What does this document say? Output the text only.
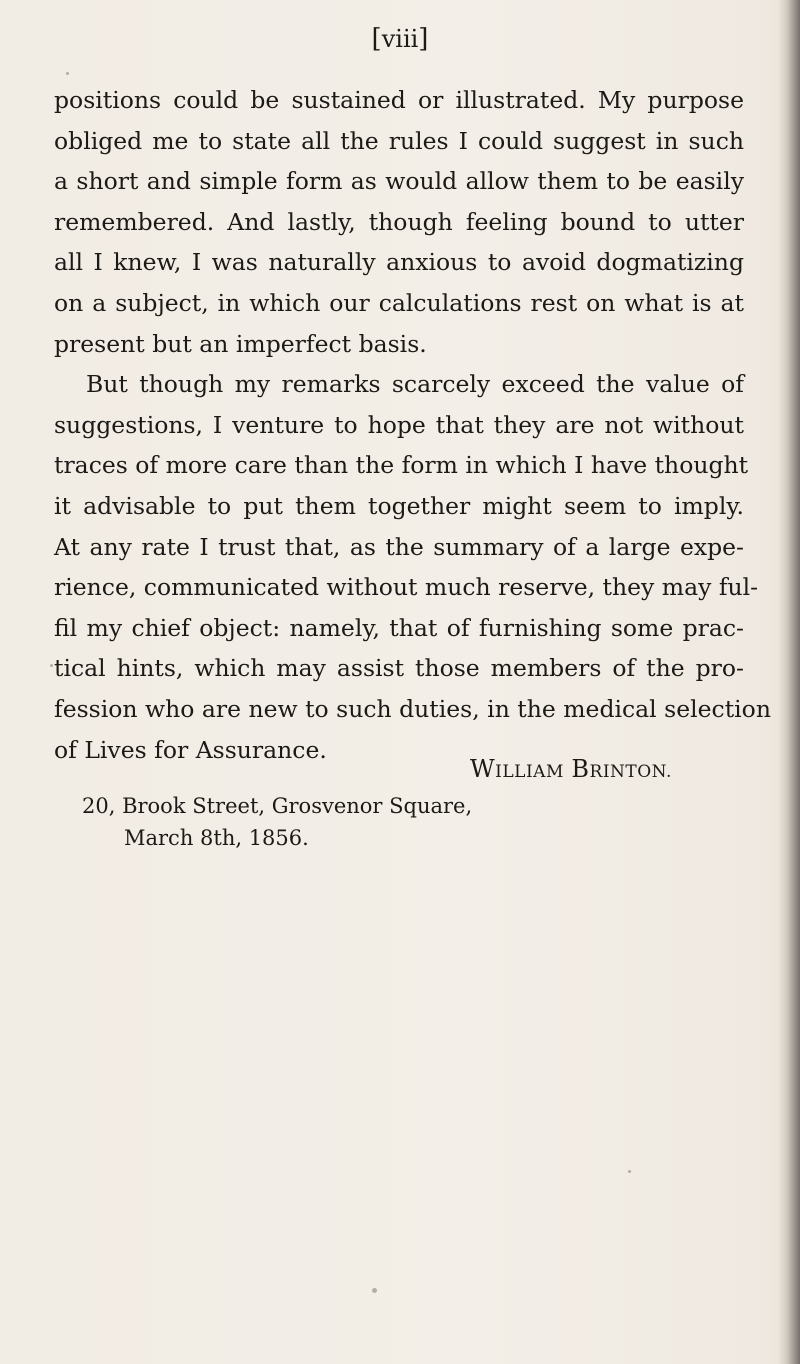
[viii]
positions could be sustained or illustrated. My purpose
obliged me to state all the rules I could suggest in such
a short and simple form as would allow them to be easily
remembered. And lastly, though feeling bound to utter
all I knew, I was naturally anxious to avoid dogmatizing
on a subject, in which our calculations rest on what is at
present but an imperfect basis.
But though my remarks scarcely exceed the value of
suggestions, I venture to hope that they are not without
traces of more care than the form in which I have thought
it advisable to put them together might seem to imply.
At any rate I trust that, as the summary of a large expe-
rience, communicated without much reserve, they may ful-
fil my chief object: namely, that of furnishing some prac-
tical hints, which may assist those members of the pro-
fession who are new to such duties, in the medical selection
of Lives for Assurance.
WILLIAM BRINTON.
20, Brook Street, Grosvenor Square,
March 8th, 1856.
